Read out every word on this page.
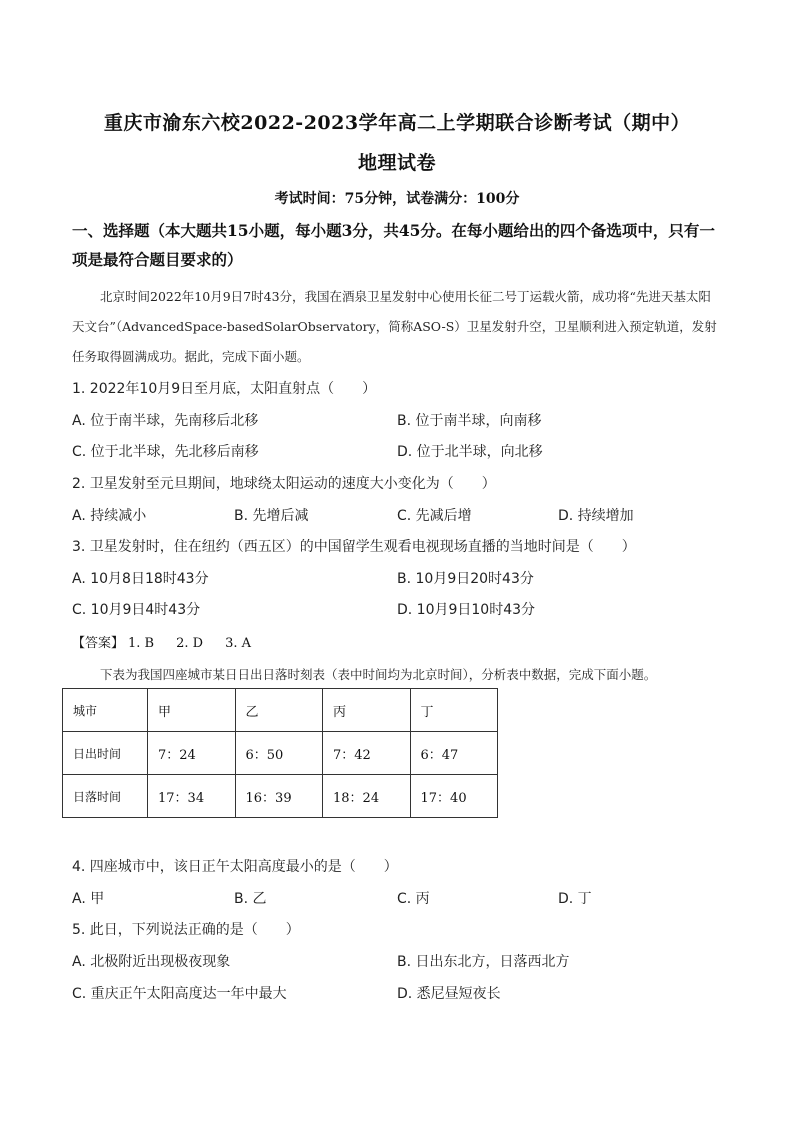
重庆市渝东六校2022-2023学年高二上学期联合诊断考试（期中）
地理试卷
考试时间：75分钟，试卷满分：100分
一、选择题（本大题共15小题，每小题3分，共45分。在每小题给出的四个备选项中，只有一项是最符合题目要求的）
北京时间2022年10月9日7时43分，我国在酒泉卫星发射中心使用长征二号丁运载火箭，成功将“先进天基太阳天文台”（AdvancedSpace-basedSolarObservatory，简称ASO-S）卫星发射升空，卫星顺利进入预定轨道，发射任务取得圆满成功。据此，完成下面小题。
1. 2022年10月9日至月底，太阳直射点（　　）
A. 位于南半球，先南移后北移	B. 位于南半球，向南移
C. 位于北半球，先北移后南移	D. 位于北半球，向北移
2. 卫星发射至元旦期间，地球绕太阳运动的速度大小变化为（　　）
A. 持续减小	B. 先增后减	C. 先减后增	D. 持续增加
3. 卫星发射时，住在纽约（西五区）的中国留学生观看电视现场直播的当地时间是（　　）
A. 10月8日18时43分	B. 10月9日20时43分
C. 10月9日4时43分	D. 10月9日10时43分
【答案】 1. B 2. D 3. A
下表为我国四座城市某日日出日落时刻表（表中时间均为北京时间），分析表中数据，完成下面小题。
城市	甲	乙	丙	丁
日出时间	7：24	6：50	7：42	6：47
日落时间	17：34	16：39	18：24	17：40
4. 四座城市中，该日正午太阳高度最小的是（　　）
A. 甲	B. 乙	C. 丙	D. 丁
5. 此日，下列说法正确的是（　　）
A. 北极附近出现极夜现象	B. 日出东北方，日落西北方
C. 重庆正午太阳高度达一年中最大	D. 悉尼昼短夜长
